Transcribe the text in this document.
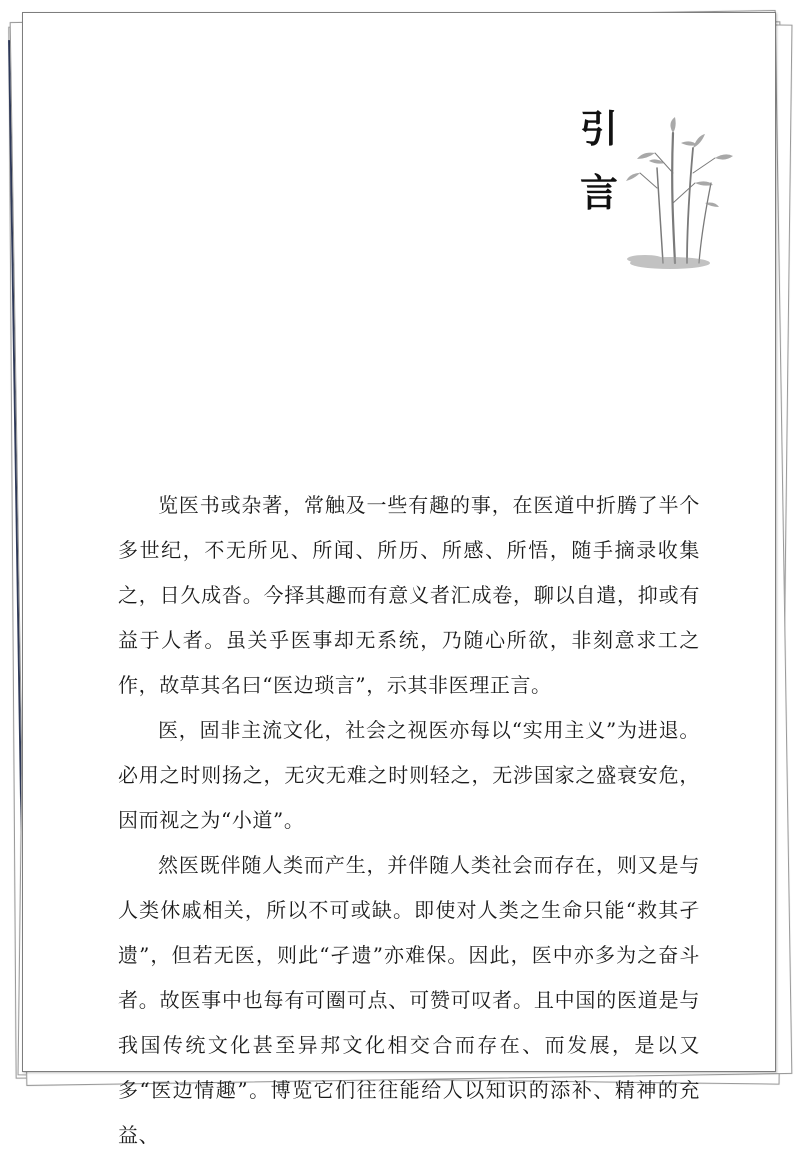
引
言

览医书或杂著，常触及一些有趣的事，在医道中折腾了半个多世纪，不无所见、所闻、所历、所感、所悟，随手摘录收集之，日久成沓。今择其趣而有意义者汇成卷，聊以自遣，抑或有益于人者。虽关乎医事却无系统，乃随心所欲，非刻意求工之作，故草其名曰“医边琐言”，示其非医理正言。

医，固非主流文化，社会之视医亦每以“实用主义”为进退。必用之时则扬之，无灾无难之时则轻之，无涉国家之盛衰安危，因而视之为“小道”。

然医既伴随人类而产生，并伴随人类社会而存在，则又是与人类休戚相关，所以不可或缺。即使对人类之生命只能“救其孑遗”，但若无医，则此“孑遗”亦难保。因此，医中亦多为之奋斗者。故医事中也每有可圈可点、可赞可叹者。且中国的医道是与我国传统文化甚至异邦文化相交合而存在、而发展，是以又多“医边情趣”。博览它们往往能给人以知识的添补、精神的充益、
